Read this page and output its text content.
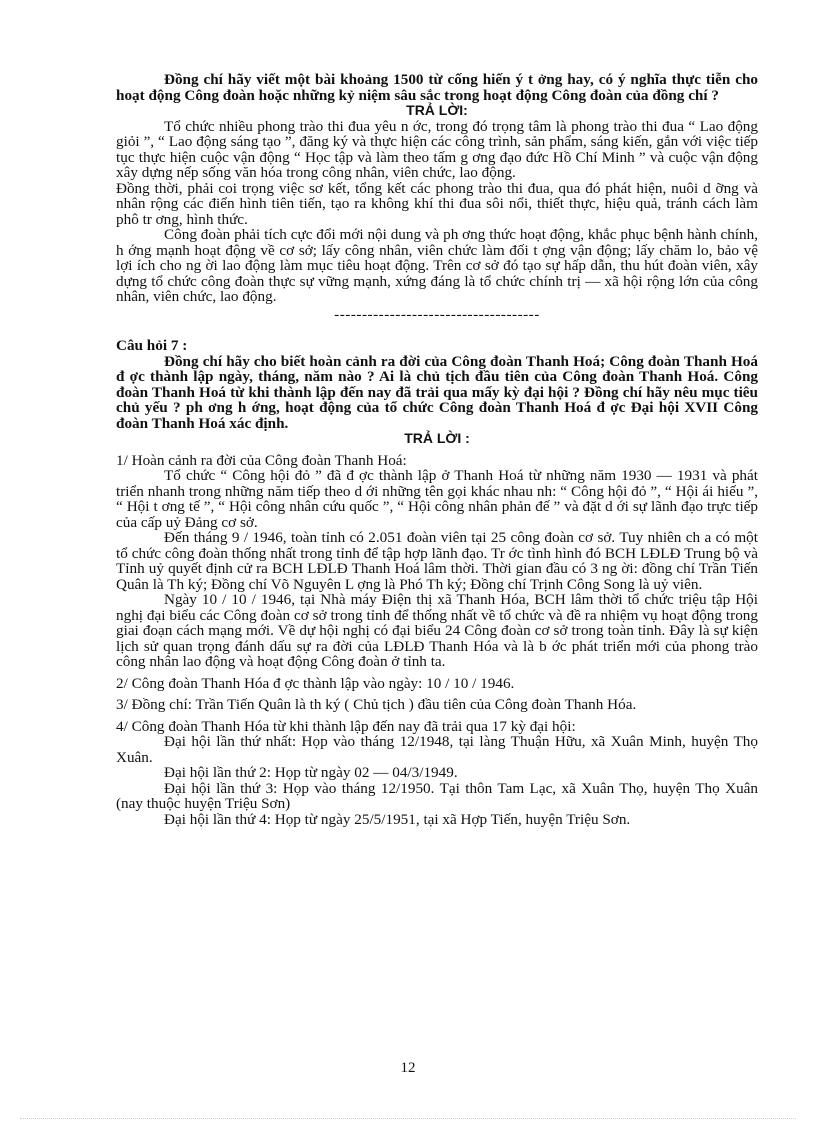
Đồng chí hãy viết một bài khoảng 1500 từ cống hiến ý t ởng hay, có ý nghĩa thực tiễn cho hoạt động Công đoàn hoặc những kỷ niệm sâu sắc trong hoạt động Công đoàn của đồng chí ?

TRẢ LỜI:

Tổ chức nhiều phong trào thi đua yêu n ớc, trong đó trọng tâm là phong trào thi đua “ Lao động giỏi ”, “ Lao động sáng tạo ”, đăng ký và thực hiện các công trình, sản phẩm, sáng kiến, gắn với việc tiếp tục thực hiện cuộc vận động “ Học tập và làm theo tấm g ơng đạo đức Hồ Chí Minh ” và cuộc vận động xây dựng nếp sống văn hóa trong công nhân, viên chức, lao động.

Đồng thời, phải coi trọng việc sơ kết, tổng kết các phong trào thi đua, qua đó phát hiện, nuôi d ỡng và nhân rộng các điển hình tiên tiến, tạo ra không khí thi đua sôi nổi, thiết thực, hiệu quả, tránh cách làm phô tr ơng, hình thức.

Công đoàn phải tích cực đổi mới nội dung và ph ơng thức hoạt động, khắc phục bệnh hành chính, h ớng mạnh hoạt động về cơ sở; lấy công nhân, viên chức làm đối t ợng vận động; lấy chăm lo, bảo vệ lợi ích cho ng ời lao động làm mục tiêu hoạt động. Trên cơ sở đó tạo sự hấp dẫn, thu hút đoàn viên, xây dựng tổ chức công đoàn thực sự vững mạnh, xứng đáng là tổ chức chính trị — xã hội rộng lớn của công nhân, viên chức, lao động.

-------------------------------------

Câu hỏi 7 :

Đồng chí hãy cho biết hoàn cảnh ra đời của Công đoàn Thanh Hoá; Công đoàn Thanh Hoá đ ợc thành lập ngày, tháng, năm nào ? Ai là chủ tịch đầu tiên của Công đoàn Thanh Hoá. Công đoàn Thanh Hoá từ khi thành lập đến nay đã trải qua mấy kỳ đại hội ? Đồng chí hãy nêu mục tiêu chủ yếu ? ph ơng h ớng, hoạt động của tổ chức Công đoàn Thanh Hoá đ ợc Đại hội XVII Công đoàn Thanh Hoá xác định.

TRẢ LỜI :

1/ Hoàn cảnh ra đời của Công đoàn Thanh Hoá:

Tổ chức “ Công hội đỏ ” đã đ ợc thành lập ở Thanh Hoá từ những năm 1930 — 1931 và phát triển nhanh trong những năm tiếp theo d ới những tên gọi khác nhau nh: “ Công hội đỏ ”, “ Hội ái hiếu ”, “ Hội t ơng tế ”, “ Hội công nhân cứu quốc ”, “ Hội công nhân phản đế ” và đặt d ới sự lãnh đạo trực tiếp của cấp uỷ Đảng cơ sở.

Đến tháng 9 / 1946, toàn tỉnh có 2.051 đoàn viên tại 25 công đoàn cơ sở. Tuy nhiên ch a có một tổ chức công đoàn thống nhất trong tỉnh để tập hợp lãnh đạo. Tr ớc tình hình đó BCH LĐLĐ Trung bộ và Tỉnh uỷ quyết định cử ra BCH LĐLĐ Thanh Hoá lâm thời. Thời gian đầu có 3 ng ời: đồng chí Trần Tiến Quân là Th ký; Đồng chí Võ Nguyên L ợng là Phó Th ký; Đồng chí Trịnh Công Song là uỷ viên.

Ngày 10 / 10 / 1946, tại Nhà máy Điện thị xã Thanh Hóa, BCH lâm thời tổ chức triệu tập Hội nghị đại biểu các Công đoàn cơ sở trong tỉnh để thống nhất về tổ chức và đề ra nhiệm vụ hoạt động trong giai đoạn cách mạng mới. Về dự hội nghị có đại biểu 24 Công đoàn cơ sở trong toàn tỉnh. Đây là sự kiện lịch sử quan trọng đánh dấu sự ra đời của LĐLĐ Thanh Hóa và là b ớc phát triển mới của phong trào công nhân lao động và hoạt động Công đoàn ở tỉnh ta.

2/ Công đoàn Thanh Hóa đ ợc thành lập vào ngày: 10 / 10 / 1946.

3/ Đồng chí: Trần Tiến Quân là th ký ( Chủ tịch ) đầu tiên của Công đoàn Thanh Hóa.

4/ Công đoàn Thanh Hóa từ khi thành lập đến nay đã trải qua 17 kỳ đại hội:

Đại hội lần thứ nhất: Họp vào tháng 12/1948, tại làng Thuận Hữu, xã Xuân Minh, huyện Thọ Xuân.

Đại hội lần thứ 2: Họp từ ngày 02 — 04/3/1949.

Đại hội lần thứ 3: Họp vào tháng 12/1950. Tại thôn Tam Lạc, xã Xuân Thọ, huyện Thọ Xuân (nay thuộc huyện Triệu Sơn)

Đại hội lần thứ 4: Họp từ ngày 25/5/1951, tại xã Hợp Tiến, huyện Triệu Sơn.

12
